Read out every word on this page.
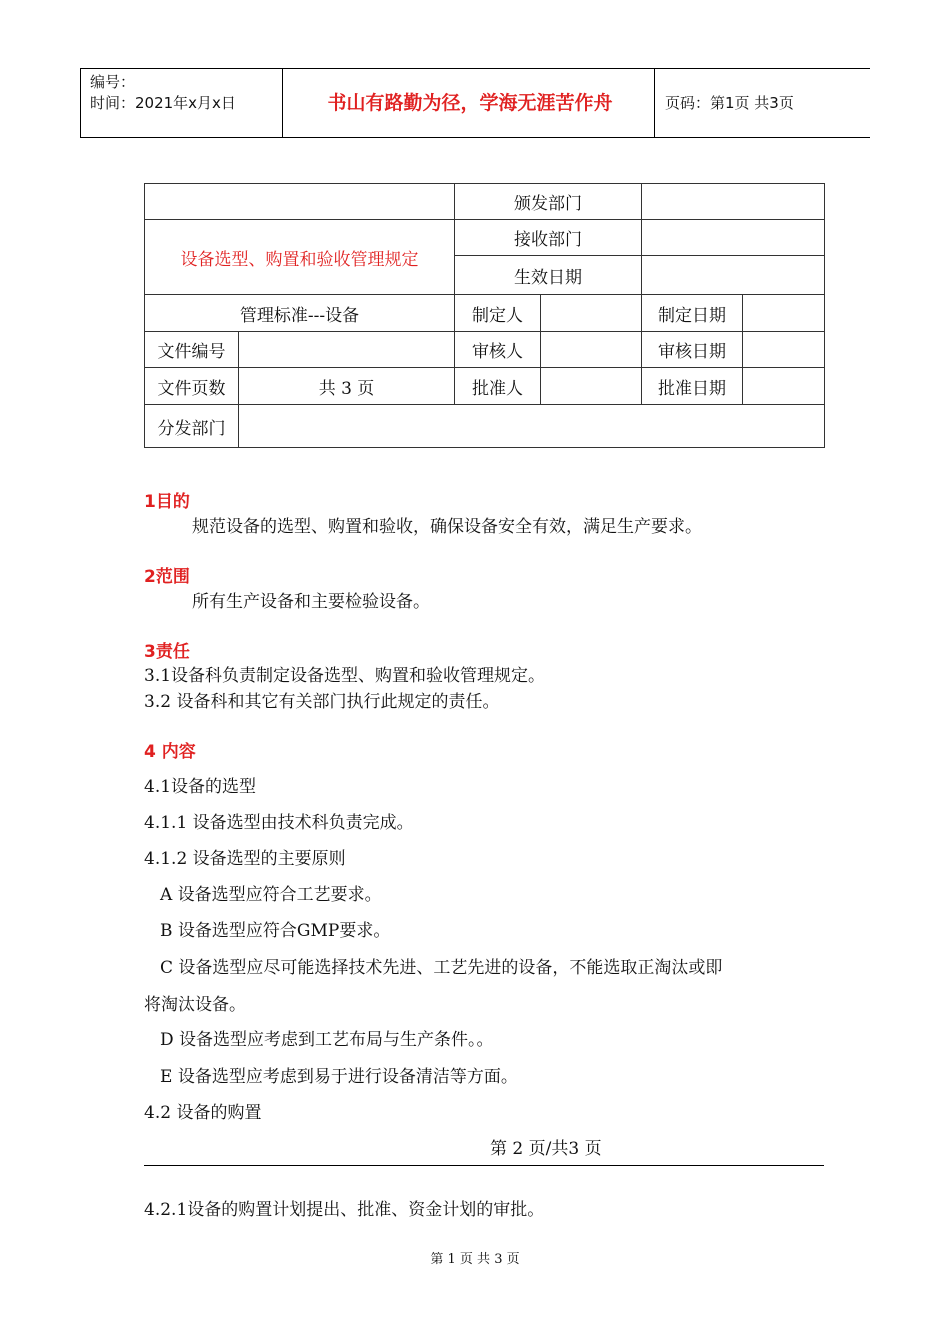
编号：
时间：2021年x月x日	书山有路勤为径，学海无涯苦作舟	页码：第1页 共3页
		颁发部门			
设备选型、购置和验收管理规定		接收部门			
		生效日期			
管理标准---设备		制定人		制定日期	
文件编号		审核人		审核日期	
文件页数	共 3 页	批准人		批准日期	
分发部门					
1目的
规范设备的选型、购置和验收，确保设备安全有效，满足生产要求。
2范围
所有生产设备和主要检验设备。
3责任
3.1设备科负责制定设备选型、购置和验收管理规定。
3.2 设备科和其它有关部门执行此规定的责任。
4 内容
4.1设备的选型
4.1.1 设备选型由技术科负责完成。
4.1.2 设备选型的主要原则
A 设备选型应符合工艺要求。
B 设备选型应符合GMP要求。
C 设备选型应尽可能选择技术先进、工艺先进的设备，不能选取正淘汰或即
将淘汰设备。
D 设备选型应考虑到工艺布局与生产条件。。
E 设备选型应考虑到易于进行设备清洁等方面。
4.2 设备的购置
第 2 页/共3 页
4.2.1设备的购置计划提出、批准、资金计划的审批。
第 1 页 共 3 页
